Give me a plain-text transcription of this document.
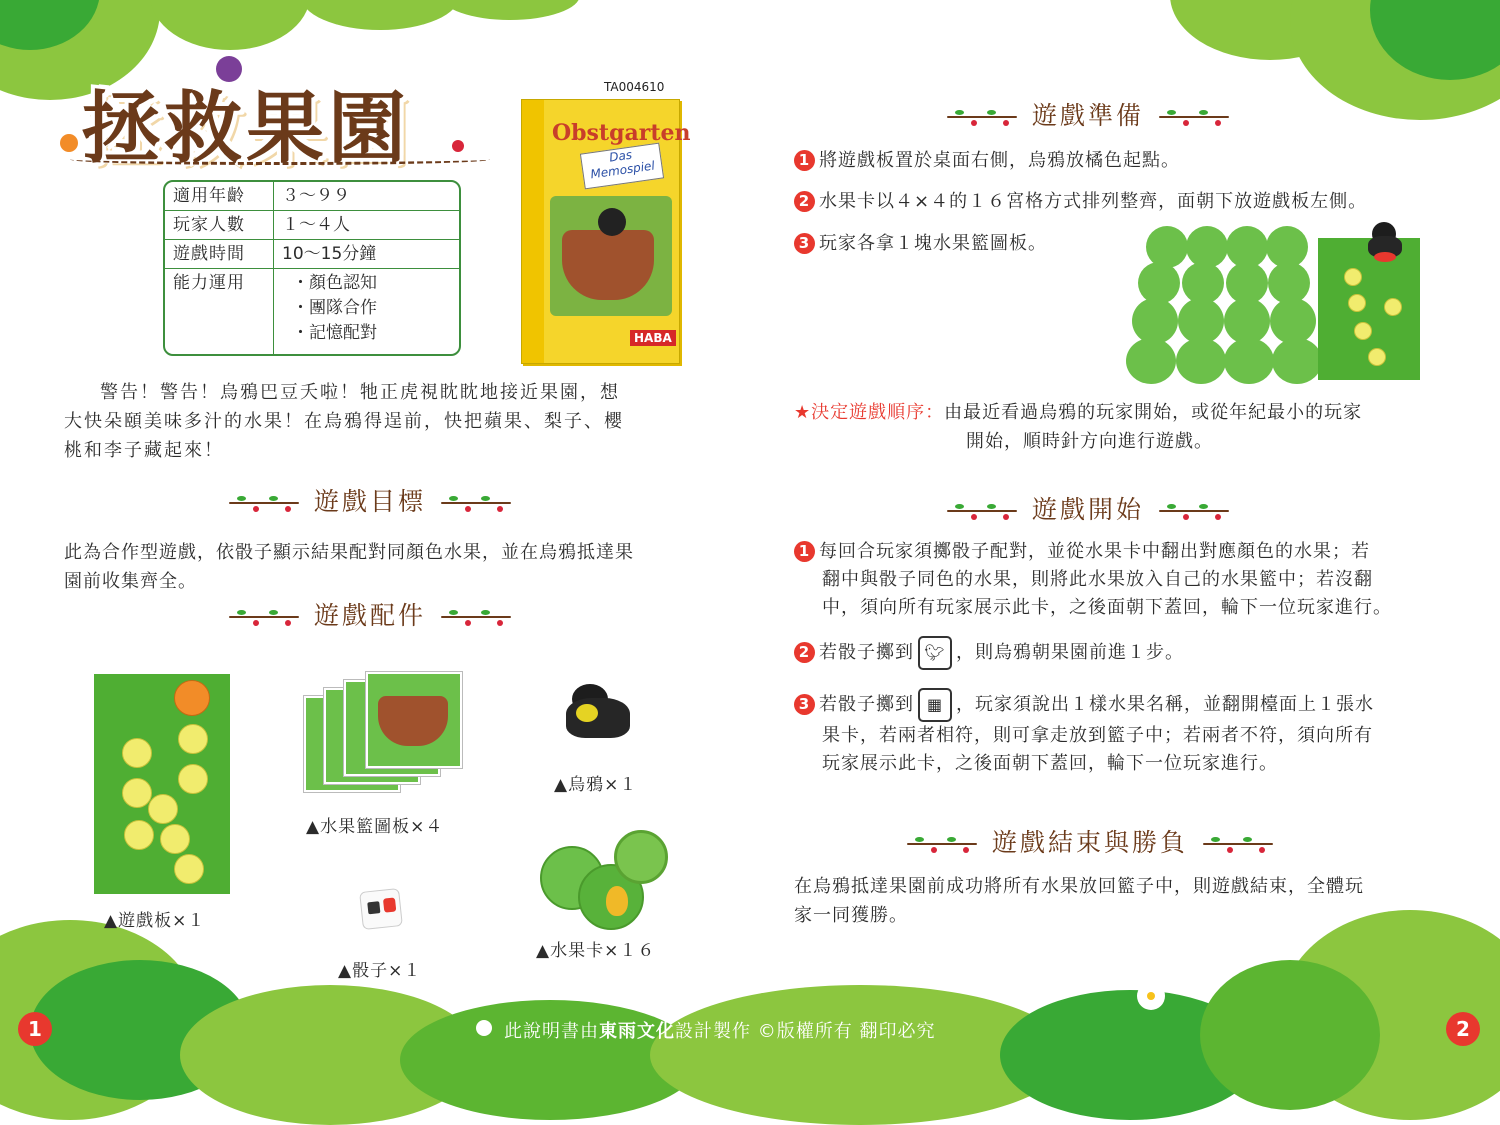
拯救果園
適用年齡	３～９９
玩家人數	１～４人
遊戲時間	10～15分鐘
能力運用	・顏色認知
・團隊合作
・記憶配對
TA004610
Obstgarten
Das Memospiel
HABA
警告！警告！烏鴉巴豆夭啦！牠正虎視眈眈地接近果園，想
大快朵頤美味多汁的水果！在烏鴉得逞前，快把蘋果、梨子、櫻
桃和李子藏起來！
遊戲目標
此為合作型遊戲，依骰子顯示結果配對同顏色水果，並在烏鴉抵達果
園前收集齊全。
遊戲配件
▲遊戲板×１
▲水果籃圖板×４
▲烏鴉×１
▲骰子×１
▲水果卡×１６
遊戲準備
1 將遊戲板置於桌面右側，烏鴉放橘色起點。
2 水果卡以４×４的１６宮格方式排列整齊，面朝下放遊戲板左側。
3 玩家各拿１塊水果籃圖板。
★決定遊戲順序：由最近看過烏鴉的玩家開始，或從年紀最小的玩家
開始，順時針方向進行遊戲。
遊戲開始
1 每回合玩家須擲骰子配對，並從水果卡中翻出對應顏色的水果；若
翻中與骰子同色的水果，則將此水果放入自己的水果籃中；若沒翻
中，須向所有玩家展示此卡，之後面朝下蓋回，輪下一位玩家進行。
2 若骰子擲到 🐦︎ ，則烏鴉朝果園前進１步。
3 若骰子擲到 ▦ ，玩家須說出１樣水果名稱，並翻開檯面上１張水
果卡，若兩者相符，則可拿走放到籃子中；若兩者不符，須向所有
玩家展示此卡，之後面朝下蓋回，輪下一位玩家進行。
遊戲結束與勝負
在烏鴉抵達果園前成功將所有水果放回籃子中，則遊戲結束，全體玩
家一同獲勝。
1	2
此說明書由東雨文化設計製作 ©版權所有 翻印必究
